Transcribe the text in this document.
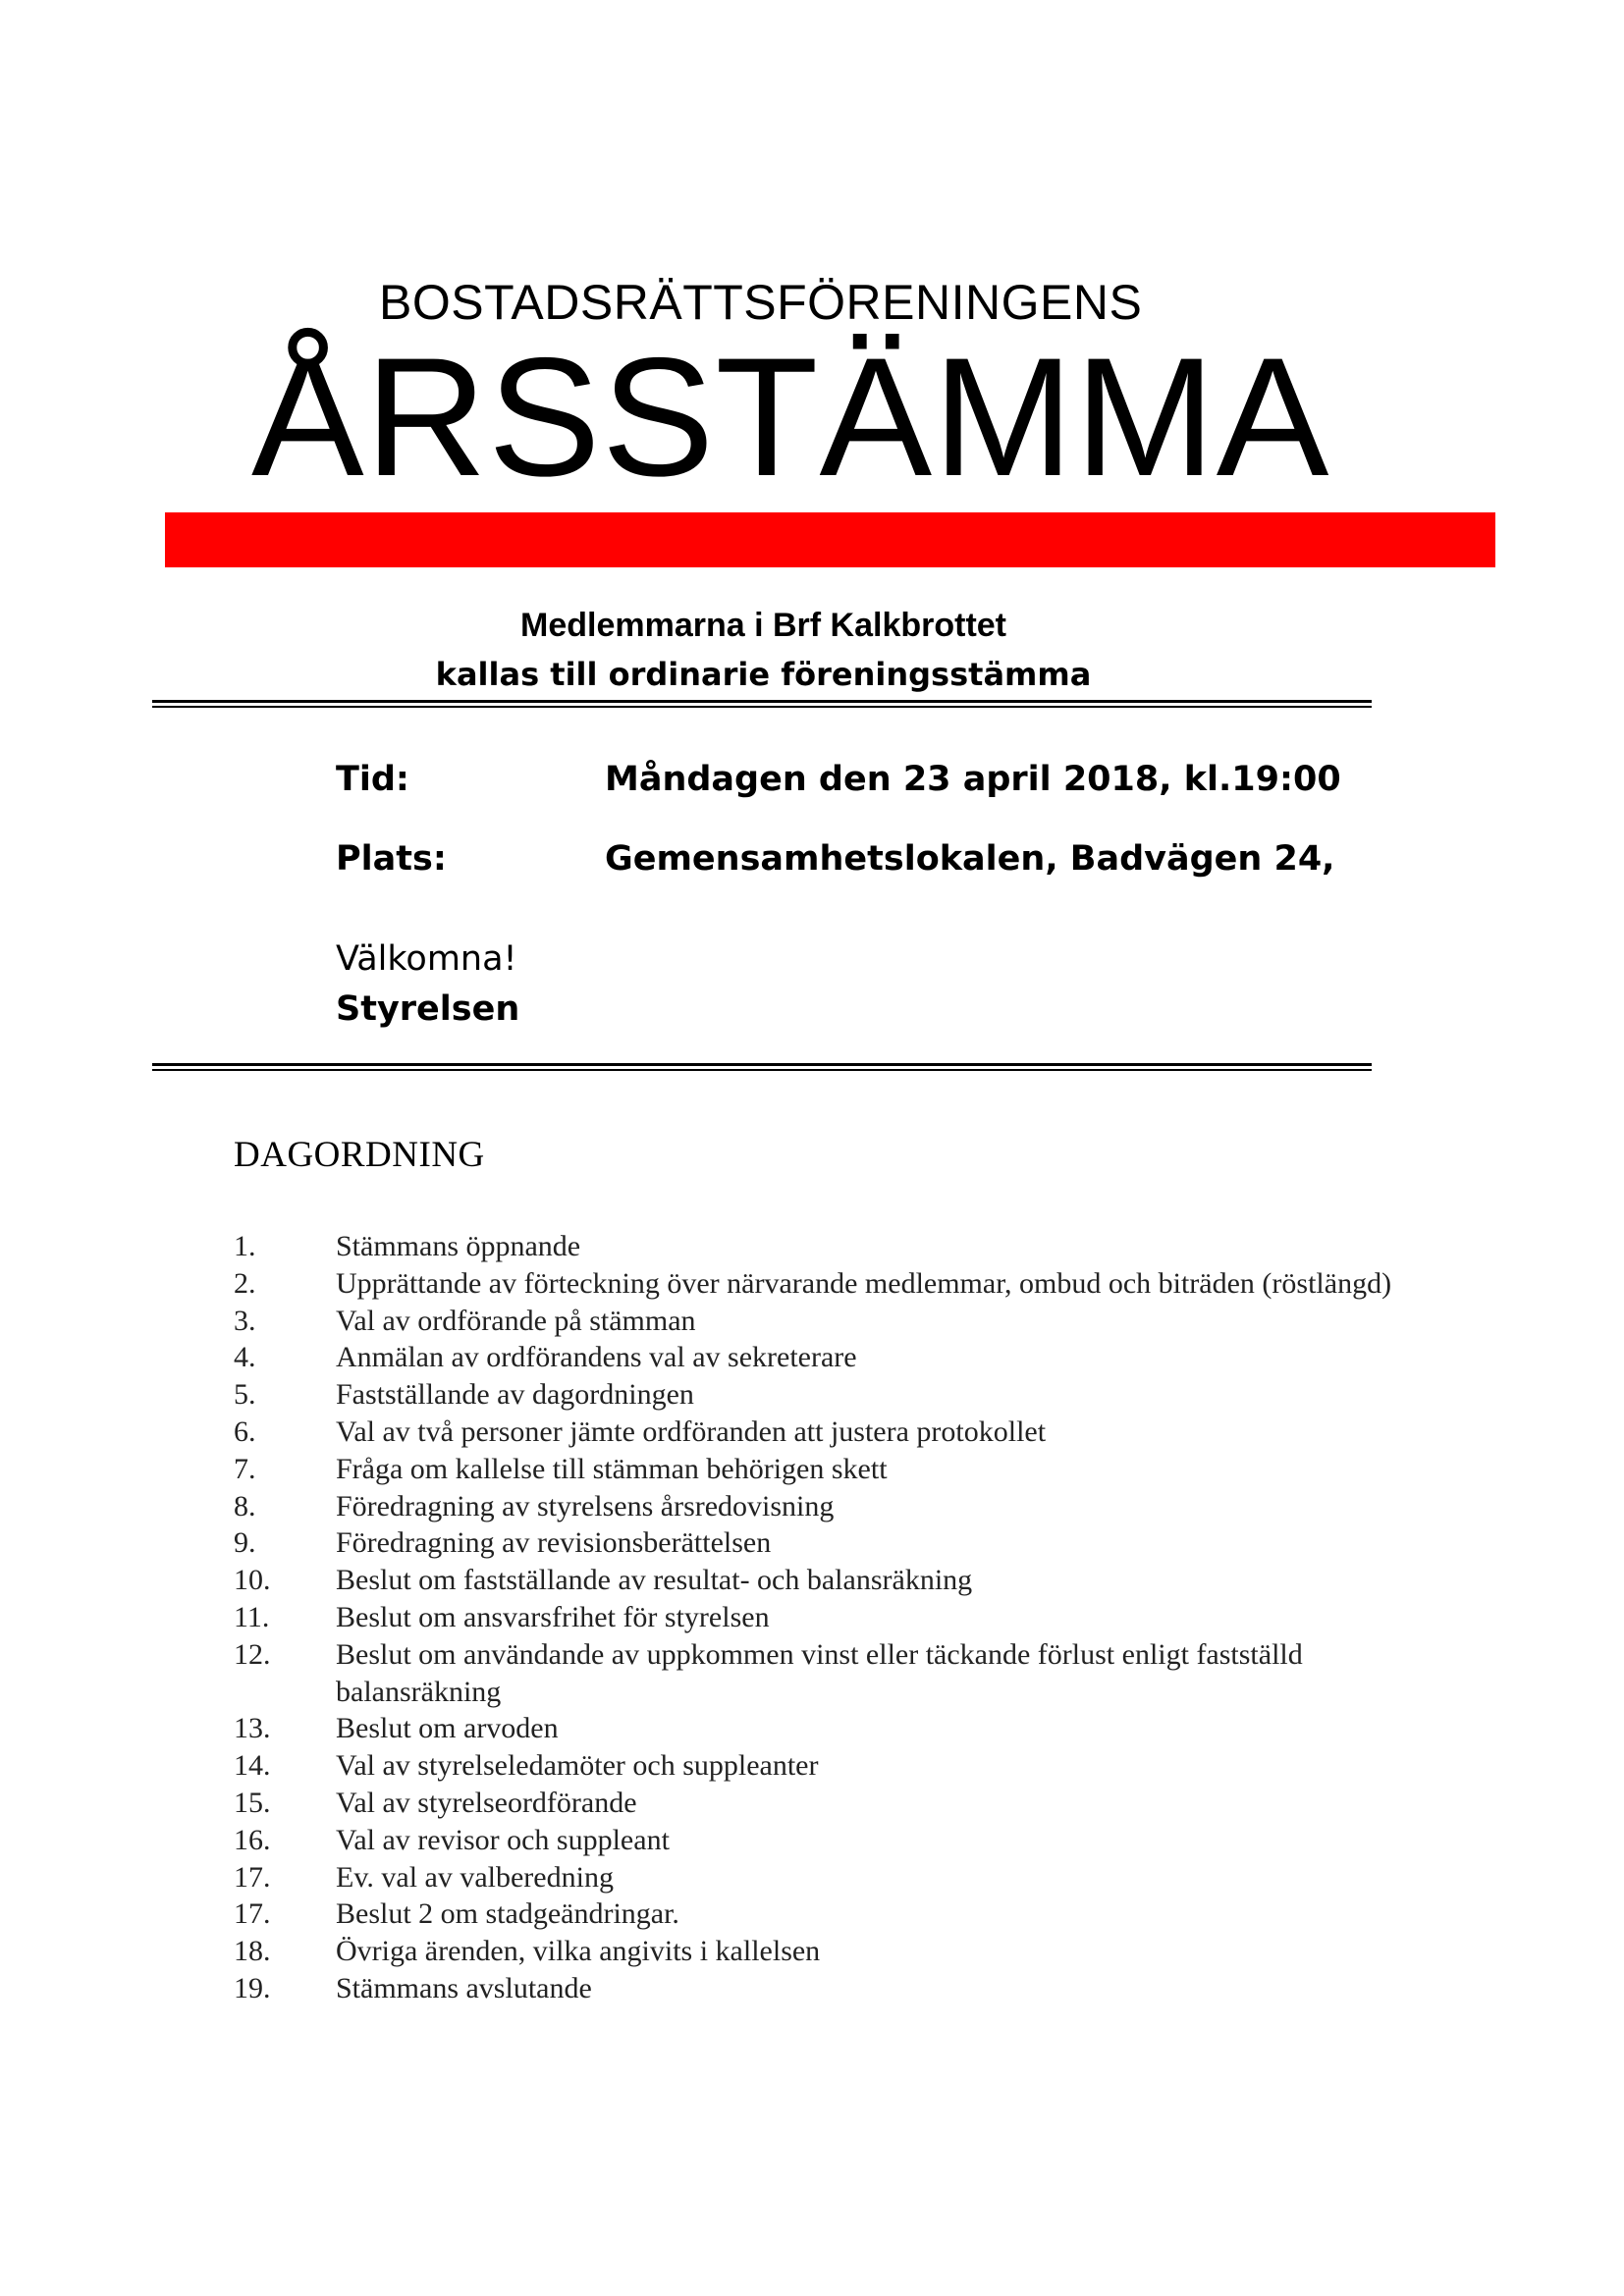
BOSTADSRÄTTSFÖRENINGENS
ÅRSSTÄMMA
Medlemmarna i Brf Kalkbrottet
kallas till ordinarie föreningsstämma
Tid:	Måndagen den 23 april 2018, kl.19:00
Plats:	Gemensamhetslokalen, Badvägen 24,
Välkomna!
Styrelsen
DAGORDNING
1.	Stämmans öppnande
2.	Upprättande av förteckning över närvarande medlemmar, ombud och biträden (röstlängd)
3.	Val av ordförande på stämman
4.	Anmälan av ordförandens val av sekreterare
5.	Fastställande av dagordningen
6.	Val av två personer jämte ordföranden att justera protokollet
7.	Fråga om kallelse till stämman behörigen skett
8.	Föredragning av styrelsens årsredovisning
9.	Föredragning av revisionsberättelsen
10.	Beslut om fastställande av resultat- och balansräkning
11.	Beslut om ansvarsfrihet för styrelsen
12.	Beslut om användande av uppkommen vinst eller täckande förlust enligt fastställd balansräkning
13.	Beslut om arvoden
14.	Val av styrelseledamöter och suppleanter
15.	Val av styrelseordförande
16.	Val av revisor och suppleant
17.	Ev. val av valberedning
17.	Beslut 2 om stadgeändringar.
18.	Övriga ärenden, vilka angivits i kallelsen
19.	Stämmans avslutande
